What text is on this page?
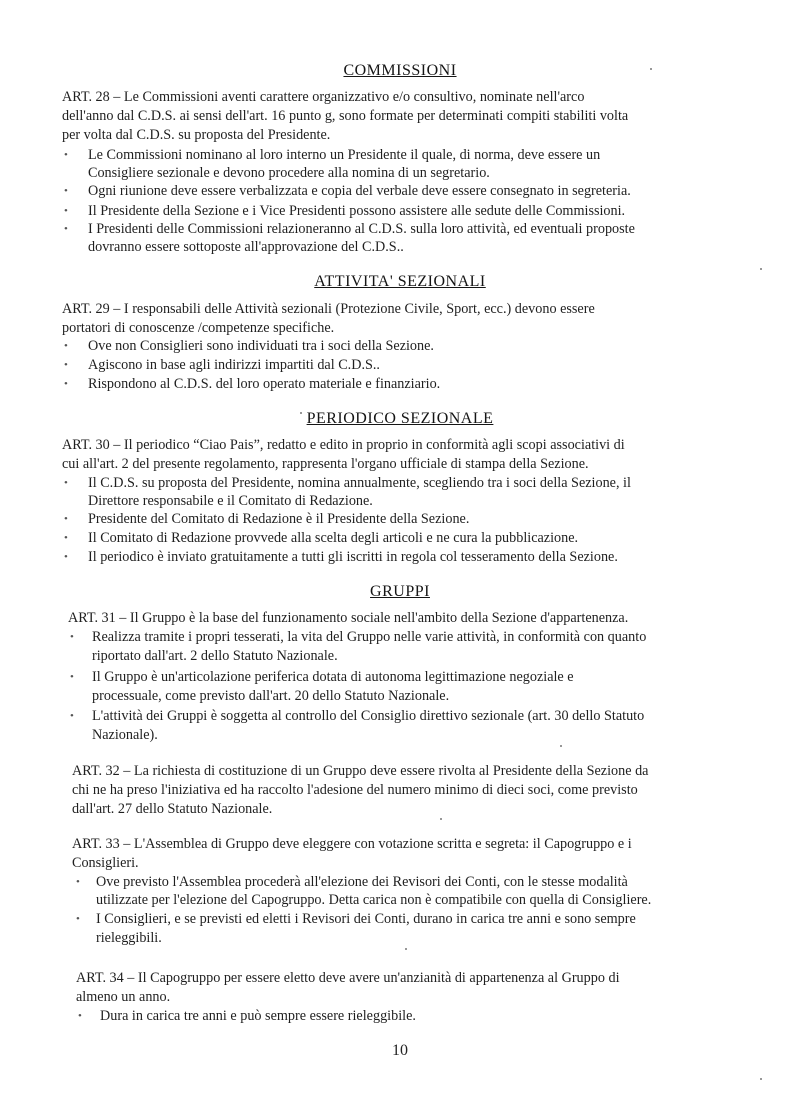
COMMISSIONI
ART. 28 – Le Commissioni aventi carattere organizzativo e/o consultivo, nominate nell'arco
dell'anno dal C.D.S. ai sensi dell'art. 16 punto g, sono formate per determinati compiti stabiliti volta
per volta dal C.D.S. su proposta del Presidente.
• Le Commissioni nominano al loro interno un Presidente il quale, di norma, deve essere un
Consigliere sezionale e devono procedere alla nomina di un segretario.
• Ogni riunione deve essere verbalizzata e copia del verbale deve essere consegnato in segreteria.
• Il Presidente della Sezione e i Vice Presidenti possono assistere alle sedute delle Commissioni.
• I Presidenti delle Commissioni relazioneranno al C.D.S. sulla loro attività, ed eventuali proposte
dovranno essere sottoposte all'approvazione del C.D.S..
ATTIVITA' SEZIONALI
ART. 29 – I responsabili delle Attività sezionali (Protezione Civile, Sport, ecc.) devono essere
portatori di conoscenze /competenze specifiche.
• Ove non Consiglieri sono individuati tra i soci della Sezione.
• Agiscono in base agli indirizzi impartiti dal C.D.S..
• Rispondono al C.D.S. del loro operato materiale e finanziario.
PERIODICO SEZIONALE
ART. 30 – Il periodico “Ciao Pais”, redatto e edito in proprio in conformità agli scopi associativi di
cui all'art. 2 del presente regolamento, rappresenta l'organo ufficiale di stampa della Sezione.
• Il C.D.S. su proposta del Presidente, nomina annualmente, scegliendo tra i soci della Sezione, il
Direttore responsabile e il Comitato di Redazione.
• Presidente del Comitato di Redazione è il Presidente della Sezione.
• Il Comitato di Redazione provvede alla scelta degli articoli e ne cura la pubblicazione.
• Il periodico è inviato gratuitamente a tutti gli iscritti in regola col tesseramento della Sezione.
GRUPPI
ART. 31 – Il Gruppo è la base del funzionamento sociale nell'ambito della Sezione d'appartenenza.
• Realizza tramite i propri tesserati, la vita del Gruppo nelle varie attività, in conformità con quanto
riportato dall'art. 2 dello Statuto Nazionale.
• Il Gruppo è un'articolazione periferica dotata di autonoma legittimazione negoziale e
processuale, come previsto dall'art. 20 dello Statuto Nazionale.
• L'attività dei Gruppi è soggetta al controllo del Consiglio direttivo sezionale (art. 30 dello Statuto
Nazionale).
ART. 32 – La richiesta di costituzione di un Gruppo deve essere rivolta al Presidente della Sezione da
chi ne ha preso l'iniziativa ed ha raccolto l'adesione del numero minimo di dieci soci, come previsto
dall'art. 27 dello Statuto Nazionale.
ART. 33 – L'Assemblea di Gruppo deve eleggere con votazione scritta e segreta: il Capogruppo e i
Consiglieri.
• Ove previsto l'Assemblea procederà all'elezione dei Revisori dei Conti, con le stesse modalità
utilizzate per l'elezione del Capogruppo. Detta carica non è compatibile con quella di Consigliere.
• I Consiglieri, e se previsti ed eletti i Revisori dei Conti, durano in carica tre anni e sono sempre
rieleggibili.
ART. 34 – Il Capogruppo per essere eletto deve avere un'anzianità di appartenenza al Gruppo di
almeno un anno.
• Dura in carica tre anni e può sempre essere rieleggibile.
10
